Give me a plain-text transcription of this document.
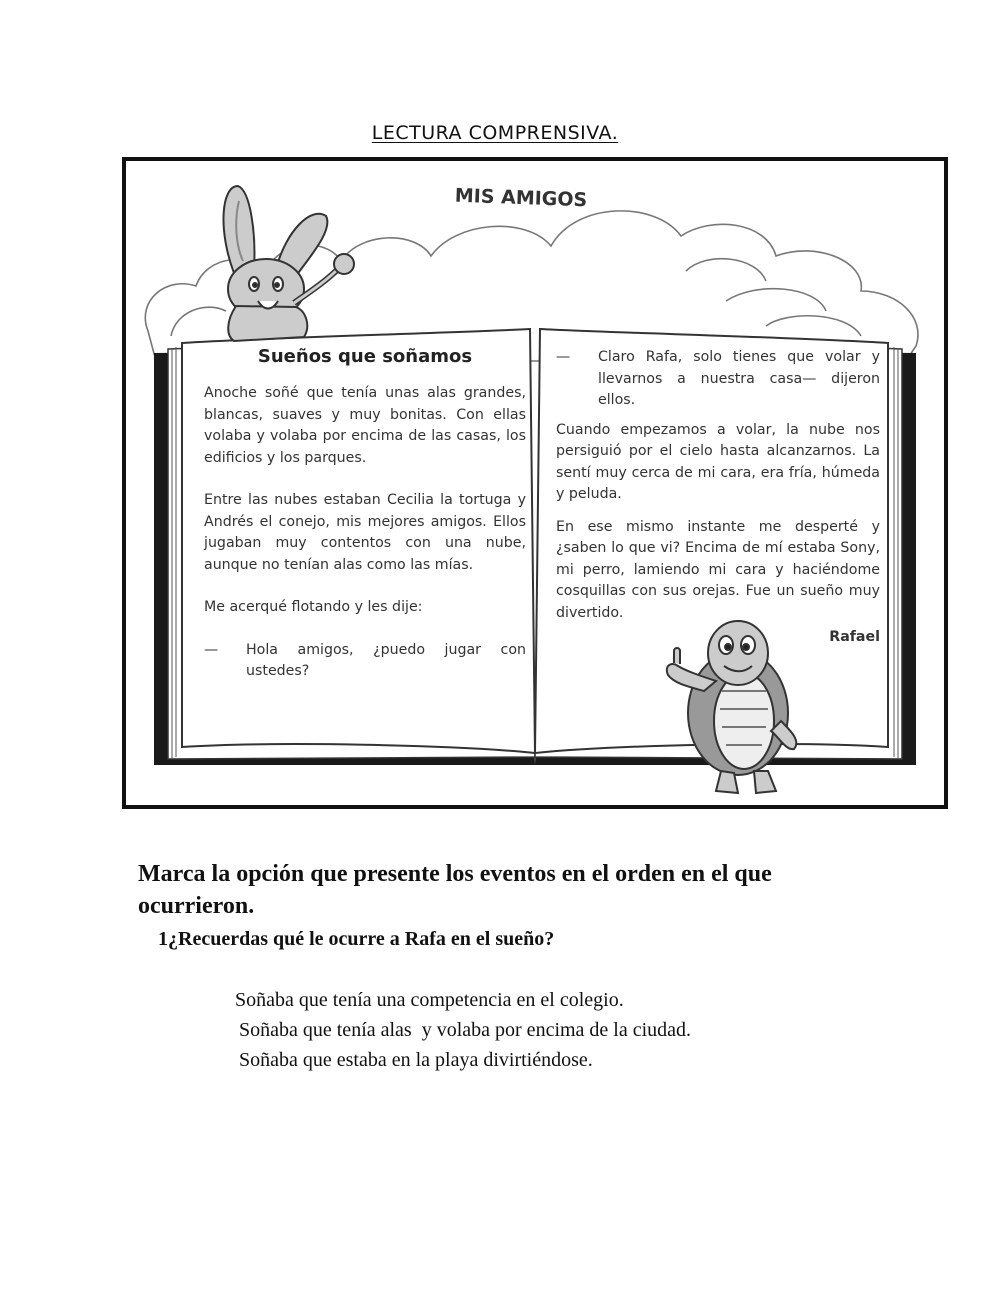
LECTURA COMPRENSIVA.
MIS AMIGOS
Sueños que soñamos

Anoche soñé que tenía unas alas grandes, blancas, suaves y muy bonitas. Con ellas volaba y volaba por encima de las casas, los edificios y los parques.

Entre las nubes estaban Cecilia la tortuga y Andrés el conejo, mis mejores amigos. Ellos jugaban muy contentos con una nube, aunque no tenían alas como las mías.

Me acerqué flotando y les dije:

—	Hola amigos, ¿puedo jugar con ustedes?
—	Claro Rafa, solo tienes que volar y llevarnos a nuestra casa— dijeron ellos.

Cuando empezamos a volar, la nube nos persiguió por el cielo hasta alcanzarnos. La sentí muy cerca de mi cara, era fría, húmeda y peluda.

En ese mismo instante me desperté y ¿saben lo que vi? Encima de mí estaba Sony, mi perro, lamiendo mi cara y haciéndome cosquillas con sus orejas. Fue un sueño muy divertido.

Rafael
Marca la opción que presente los eventos en el orden en el que ocurrieron.
1¿Recuerdas qué le ocurre a Rafa en el sueño?
Soñaba que tenía una competencia en el colegio.
Soñaba que tenía alas  y volaba por encima de la ciudad.
Soñaba que estaba en la playa divirtiéndose.
